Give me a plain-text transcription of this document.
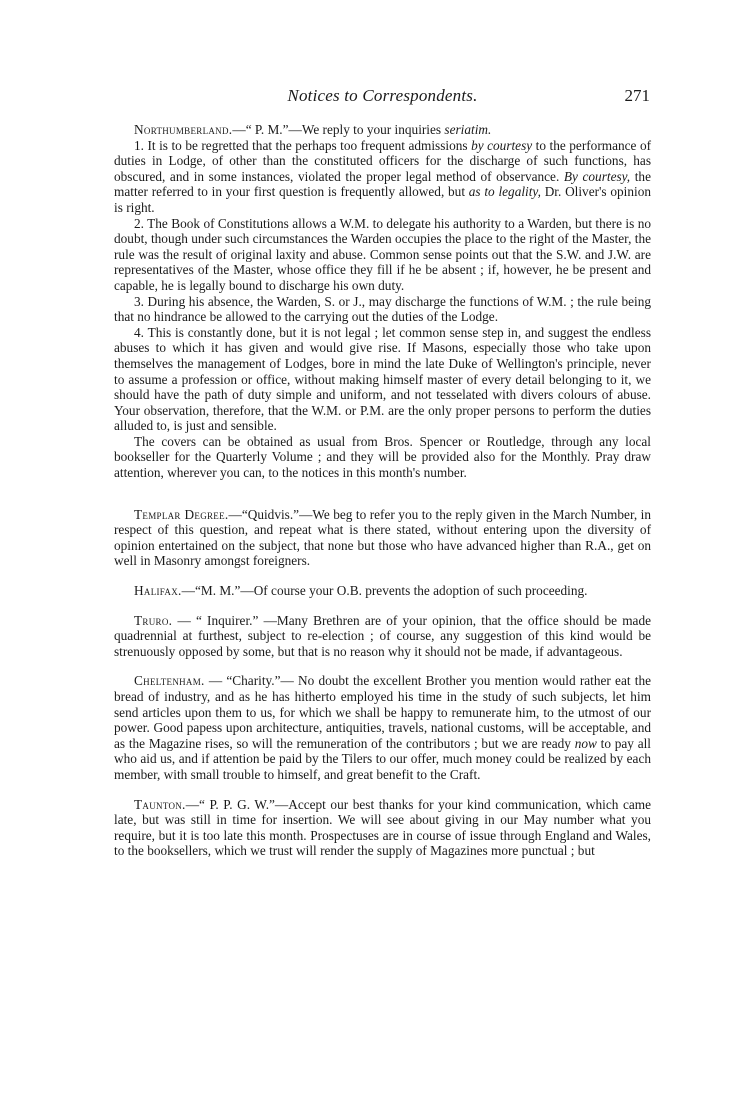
Notices to Correspondents.	271

Northumberland.—“ P. M.”—We reply to your inquiries seriatim.

1. It is to be regretted that the perhaps too frequent admissions by courtesy to the performance of duties in Lodge, of other than the constituted officers for the discharge of such functions, has obscured, and in some instances, violated the proper legal method of observance. By courtesy, the matter referred to in your first question is frequently allowed, but as to legality, Dr. Oliver's opinion is right.

2. The Book of Constitutions allows a W.M. to delegate his authority to a Warden, but there is no doubt, though under such circumstances the Warden occupies the place to the right of the Master, the rule was the result of original laxity and abuse. Common sense points out that the S.W. and J.W. are representatives of the Master, whose office they fill if he be absent ; if, however, he be present and capable, he is legally bound to discharge his own duty.

3. During his absence, the Warden, S. or J., may discharge the functions of W.M. ; the rule being that no hindrance be allowed to the carrying out the duties of the Lodge.

4. This is constantly done, but it is not legal ; let common sense step in, and suggest the endless abuses to which it has given and would give rise. If Masons, especially those who take upon themselves the management of Lodges, bore in mind the late Duke of Wellington's principle, never to assume a profession or office, without making himself master of every detail belonging to it, we should have the path of duty simple and uniform, and not tesselated with divers colours of abuse. Your observation, therefore, that the W.M. or P.M. are the only proper persons to perform the duties alluded to, is just and sensible.

The covers can be obtained as usual from Bros. Spencer or Routledge, through any local bookseller for the Quarterly Volume ; and they will be provided also for the Monthly. Pray draw attention, wherever you can, to the notices in this month's number.

Templar Degree.—“Quidvis.”—We beg to refer you to the reply given in the March Number, in respect of this question, and repeat what is there stated, without entering upon the diversity of opinion entertained on the subject, that none but those who have advanced higher than R.A., get on well in Masonry amongst foreigners.

Halifax.—“M. M.”—Of course your O.B. prevents the adoption of such proceeding.

Truro. — “ Inquirer.” —Many Brethren are of your opinion, that the office should be made quadrennial at furthest, subject to re-election ; of course, any suggestion of this kind would be strenuously opposed by some, but that is no reason why it should not be made, if advantageous.

Cheltenham. — “Charity.”— No doubt the excellent Brother you mention would rather eat the bread of industry, and as he has hitherto employed his time in the study of such subjects, let him send articles upon them to us, for which we shall be happy to remunerate him, to the utmost of our power. Good papess upon architecture, antiquities, travels, national customs, will be acceptable, and as the Magazine rises, so will the remuneration of the contributors ; but we are ready now to pay all who aid us, and if attention be paid by the Tilers to our offer, much money could be realized by each member, with small trouble to himself, and great benefit to the Craft.

Taunton.—“ P. P. G. W.”—Accept our best thanks for your kind communication, which came late, but was still in time for insertion. We will see about giving in our May number what you require, but it is too late this month. Prospectuses are in course of issue through England and Wales, to the booksellers, which we trust will render the supply of Magazines more punctual ; but
